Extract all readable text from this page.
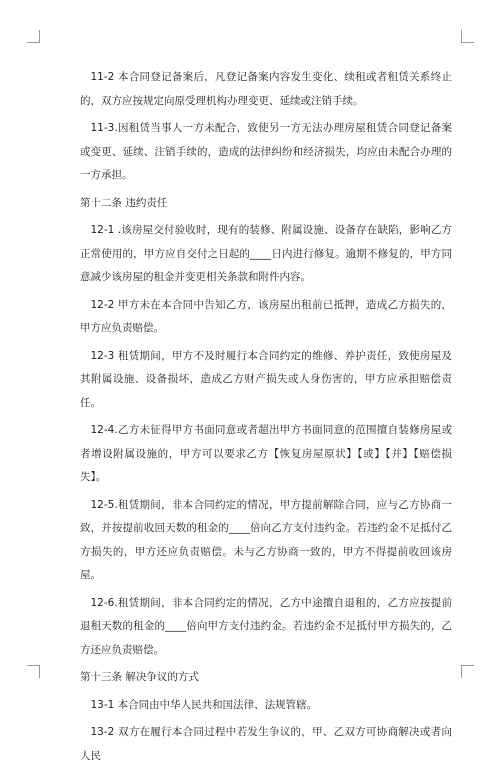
11-2 本合同登记备案后，凡登记备案内容发生变化、续租或者租赁关系终止的，双方应按规定向原受理机构办理变更、延续或注销手续。

11-3.因租赁当事人一方未配合，致使另一方无法办理房屋租赁合同登记备案或变更、延续、注销手续的，造成的法律纠纷和经济损失，均应由未配合办理的一方承担。

第十二条 违约责任

12-1 .该房屋交付验收时，现有的装修、附属设施、设备存在缺陷，影响乙方正常使用的，甲方应自交付之日起的____日内进行修复。逾期不修复的，甲方同意减少该房屋的租金并变更相关条款和附件内容。

12-2 甲方未在本合同中告知乙方，该房屋出租前已抵押，造成乙方损失的，甲方应负责赔偿。

12-3 租赁期间，甲方不及时履行本合同约定的维修、养护责任，致使房屋及其附属设施、设备损坏，造成乙方财产损失或人身伤害的，甲方应承担赔偿责任。

12-4.乙方未征得甲方书面同意或者超出甲方书面同意的范围擅自装修房屋或者增设附属设施的，甲方可以要求乙方【恢复房屋原状】【或】【并】【赔偿损失】。

12-5.租赁期间，非本合同约定的情况，甲方提前解除合同，应与乙方协商一致，并按提前收回天数的租金的____倍向乙方支付违约金。若违约金不足抵付乙方损失的，甲方还应负责赔偿。未与乙方协商一致的，甲方不得提前收回该房屋。

12-6.租赁期间，非本合同约定的情况，乙方中途擅自退租的，乙方应按提前退租天数的租金的____倍向甲方支付违约金。若违约金不足抵付甲方损失的，乙方还应负责赔偿。

第十三条 解决争议的方式

13-1 本合同由中华人民共和国法律、法规管辖。

13-2 双方在履行本合同过程中若发生争议的，甲、乙双方可协商解决或者向人民
